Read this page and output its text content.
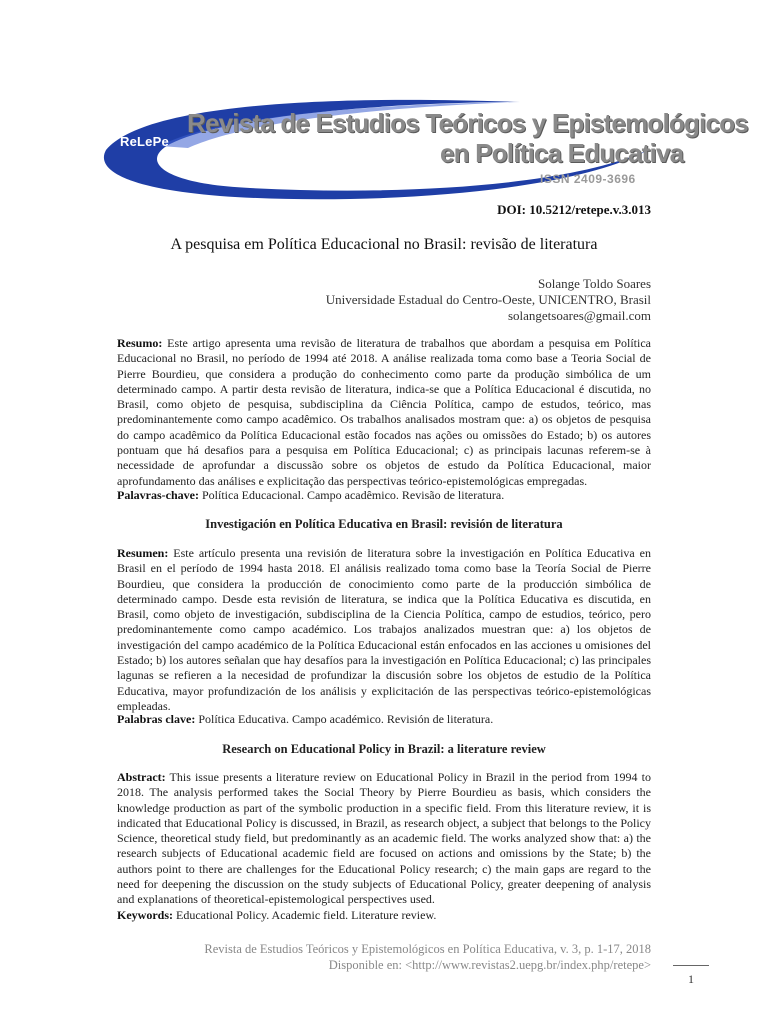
ReLePe
Revista de Estudios Teóricos y Epistemológicos
en Política Educativa
ISSN 2409-3696
DOI: 10.5212/retepe.v.3.013
A pesquisa em Política Educacional no Brasil: revisão de literatura
Solange Toldo Soares
Universidade Estadual do Centro-Oeste, UNICENTRO, Brasil
solangetsoares@gmail.com
Resumo: Este artigo apresenta uma revisão de literatura de trabalhos que abordam a pesquisa em Política Educacional no Brasil, no período de 1994 até 2018. A análise realizada toma como base a Teoria Social de Pierre Bourdieu, que considera a produção do conhecimento como parte da produção simbólica de um determinado campo. A partir desta revisão de literatura, indica-se que a Política Educacional é discutida, no Brasil, como objeto de pesquisa, subdisciplina da Ciência Política, campo de estudos, teórico, mas predominantemente como campo acadêmico. Os trabalhos analisados mostram que: a) os objetos de pesquisa do campo acadêmico da Política Educacional estão focados nas ações ou omissões do Estado; b) os autores pontuam que há desafios para a pesquisa em Política Educacional; c) as principais lacunas referem-se à necessidade de aprofundar a discussão sobre os objetos de estudo da Política Educacional, maior aprofundamento das análises e explicitação das perspectivas teórico-epistemológicas empregadas.
Palavras-chave: Política Educacional. Campo acadêmico. Revisão de literatura.
Investigación en Política Educativa en Brasil: revisión de literatura
Resumen: Este artículo presenta una revisión de literatura sobre la investigación en Política Educativa en Brasil en el período de 1994 hasta 2018. El análisis realizado toma como base la Teoría Social de Pierre Bourdieu, que considera la producción de conocimiento como parte de la producción simbólica de determinado campo. Desde esta revisión de literatura, se indica que la Política Educativa es discutida, en Brasil, como objeto de investigación, subdisciplina de la Ciencia Política, campo de estudios, teórico, pero predominantemente como campo académico. Los trabajos analizados muestran que: a) los objetos de investigación del campo académico de la Política Educacional están enfocados en las acciones u omisiones del Estado; b) los autores señalan que hay desafíos para la investigación en Política Educacional; c) las principales lagunas se refieren a la necesidad de profundizar la discusión sobre los objetos de estudio de la Política Educativa, mayor profundización de los análisis y explicitación de las perspectivas teórico-epistemológicas empleadas.
Palabras clave: Política Educativa. Campo académico. Revisión de literatura.
Research on Educational Policy in Brazil: a literature review
Abstract: This issue presents a literature review on Educational Policy in Brazil in the period from 1994 to 2018. The analysis performed takes the Social Theory by Pierre Bourdieu as basis, which considers the knowledge production as part of the symbolic production in a specific field. From this literature review, it is indicated that Educational Policy is discussed, in Brazil, as research object, a subject that belongs to the Policy Science, theoretical study field, but predominantly as an academic field. The works analyzed show that: a) the research subjects of Educational academic field are focused on actions and omissions by the State; b) the authors point to there are challenges for the Educational Policy research; c) the main gaps are regard to the need for deepening the discussion on the study subjects of Educational Policy, greater deepening of analysis and explanations of theoretical-epistemological perspectives used.
Keywords: Educational Policy. Academic field. Literature review.
Revista de Estudios Teóricos y Epistemológicos en Política Educativa, v. 3, p. 1-17, 2018
Disponible en: <http://www.revistas2.uepg.br/index.php/retepe>
1
